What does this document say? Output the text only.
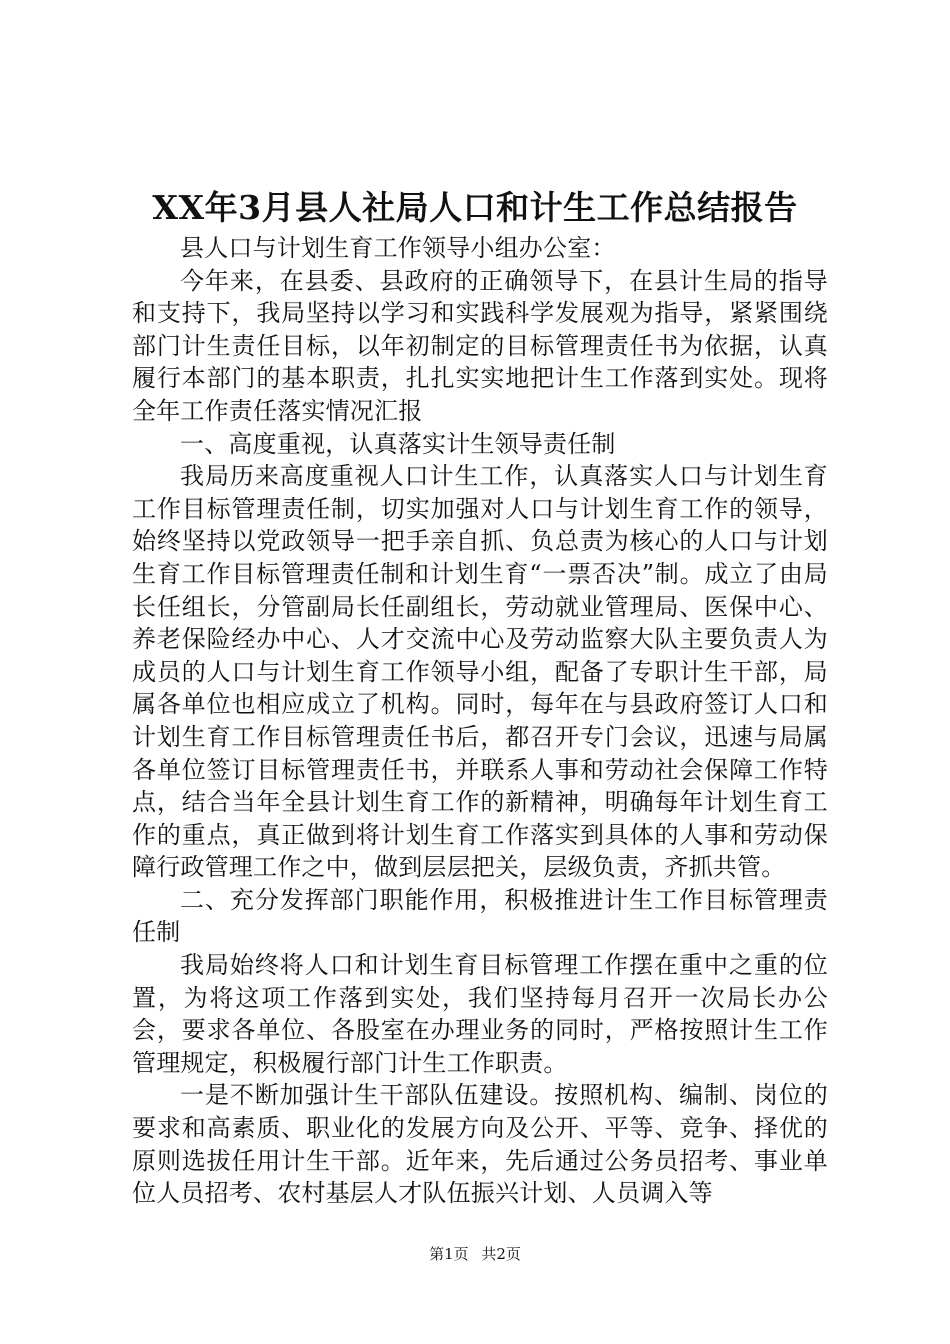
XX年3月县人社局人口和计生工作总结报告

县人口与计划生育工作领导小组办公室：

今年来，在县委、县政府的正确领导下，在县计生局的指导和支持下，我局坚持以学习和实践科学发展观为指导，紧紧围绕部门计生责任目标，以年初制定的目标管理责任书为依据，认真履行本部门的基本职责，扎扎实实地把计生工作落到实处。现将全年工作责任落实情况汇报

一、高度重视，认真落实计生领导责任制

我局历来高度重视人口计生工作，认真落实人口与计划生育工作目标管理责任制，切实加强对人口与计划生育工作的领导，始终坚持以党政领导一把手亲自抓、负总责为核心的人口与计划生育工作目标管理责任制和计划生育“一票否决”制。成立了由局长任组长，分管副局长任副组长，劳动就业管理局、医保中心、养老保险经办中心、人才交流中心及劳动监察大队主要负责人为成员的人口与计划生育工作领导小组，配备了专职计生干部，局属各单位也相应成立了机构。同时，每年在与县政府签订人口和计划生育工作目标管理责任书后，都召开专门会议，迅速与局属各单位签订目标管理责任书，并联系人事和劳动社会保障工作特点，结合当年全县计划生育工作的新精神，明确每年计划生育工作的重点，真正做到将计划生育工作落实到具体的人事和劳动保障行政管理工作之中，做到层层把关，层级负责，齐抓共管。

二、充分发挥部门职能作用，积极推进计生工作目标管理责任制

我局始终将人口和计划生育目标管理工作摆在重中之重的位置，为将这项工作落到实处，我们坚持每月召开一次局长办公会，要求各单位、各股室在办理业务的同时，严格按照计生工作管理规定，积极履行部门计生工作职责。

一是不断加强计生干部队伍建设。按照机构、编制、岗位的要求和高素质、职业化的发展方向及公开、平等、竞争、择优的原则选拔任用计生干部。近年来，先后通过公务员招考、事业单位人员招考、农村基层人才队伍振兴计划、人员调入等

第1页 共2页
